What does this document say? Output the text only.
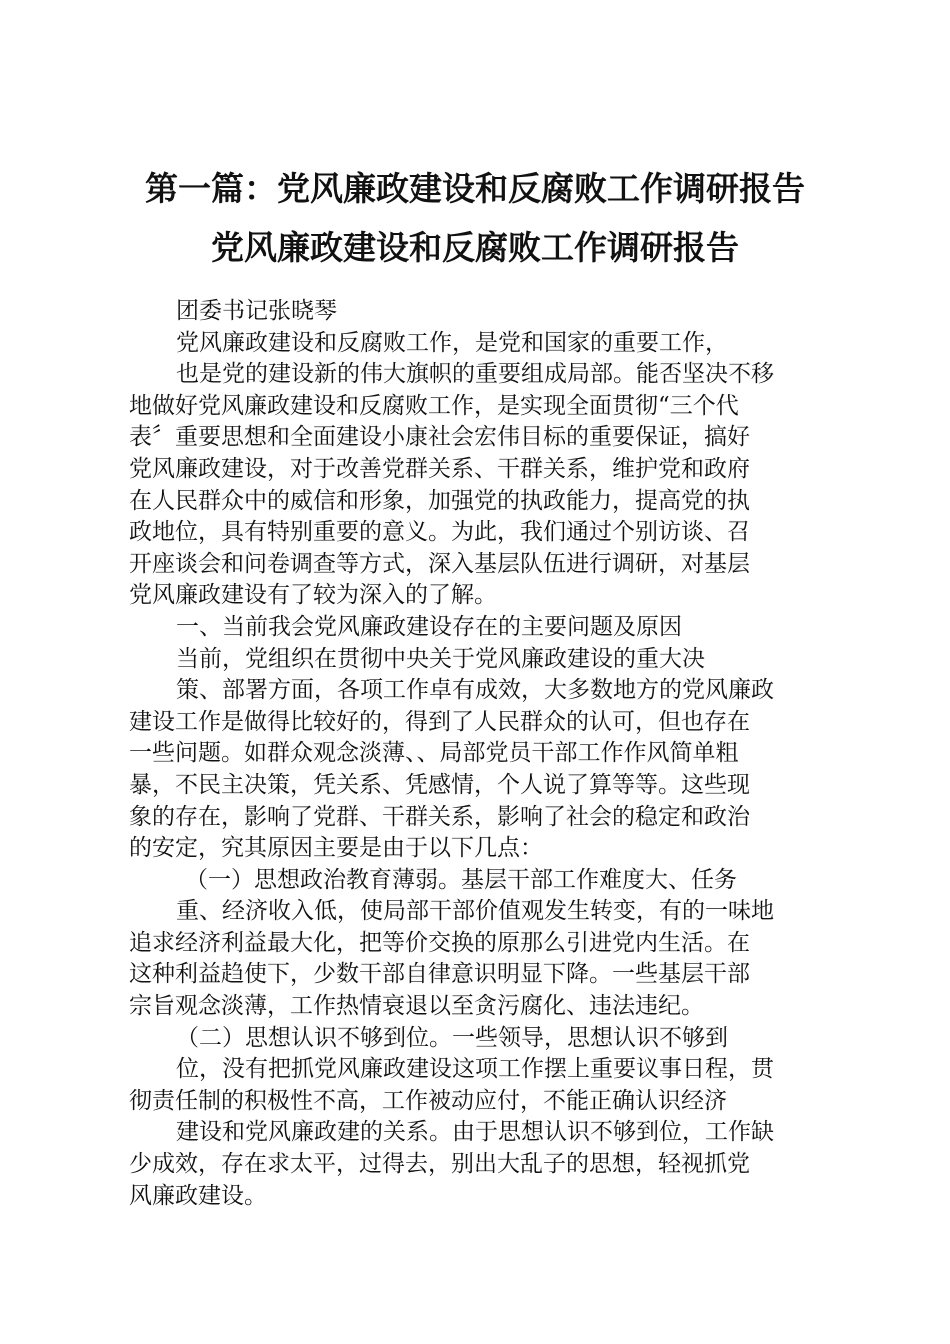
第一篇：党风廉政建设和反腐败工作调研报告
党风廉政建设和反腐败工作调研报告
团委书记张晓琴
党风廉政建设和反腐败工作，是党和国家的重要工作，
也是党的建设新的伟大旗帜的重要组成局部。能否坚决不移
地做好党风廉政建设和反腐败工作，是实现全面贯彻“三个代
表〞重要思想和全面建设小康社会宏伟目标的重要保证，搞好
党风廉政建设，对于改善党群关系、干群关系，维护党和政府
在人民群众中的威信和形象，加强党的执政能力，提高党的执
政地位，具有特别重要的意义。为此，我们通过个别访谈、召
开座谈会和问卷调查等方式，深入基层队伍进行调研，对基层
党风廉政建设有了较为深入的了解。
一、当前我会党风廉政建设存在的主要问题及原因
当前，党组织在贯彻中央关于党风廉政建设的重大决
策、部署方面，各项工作卓有成效，大多数地方的党风廉政
建设工作是做得比较好的，得到了人民群众的认可，但也存在
一些问题。如群众观念淡薄、、局部党员干部工作作风简单粗
暴，不民主决策，凭关系、凭感情，个人说了算等等。这些现
象的存在，影响了党群、干群关系，影响了社会的稳定和政治
的安定，究其原因主要是由于以下几点：
（一）思想政治教育薄弱。基层干部工作难度大、任务
重、经济收入低，使局部干部价值观发生转变，有的一味地
追求经济利益最大化，把等价交换的原那么引进党内生活。在
这种利益趋使下，少数干部自律意识明显下降。一些基层干部
宗旨观念淡薄，工作热情衰退以至贪污腐化、违法违纪。
（二）思想认识不够到位。一些领导，思想认识不够到
位，没有把抓党风廉政建设这项工作摆上重要议事日程，贯
彻责任制的积极性不高，工作被动应付，不能正确认识经济
建设和党风廉政建的关系。由于思想认识不够到位，工作缺
少成效，存在求太平，过得去，别出大乱子的思想，轻视抓党
风廉政建设。
